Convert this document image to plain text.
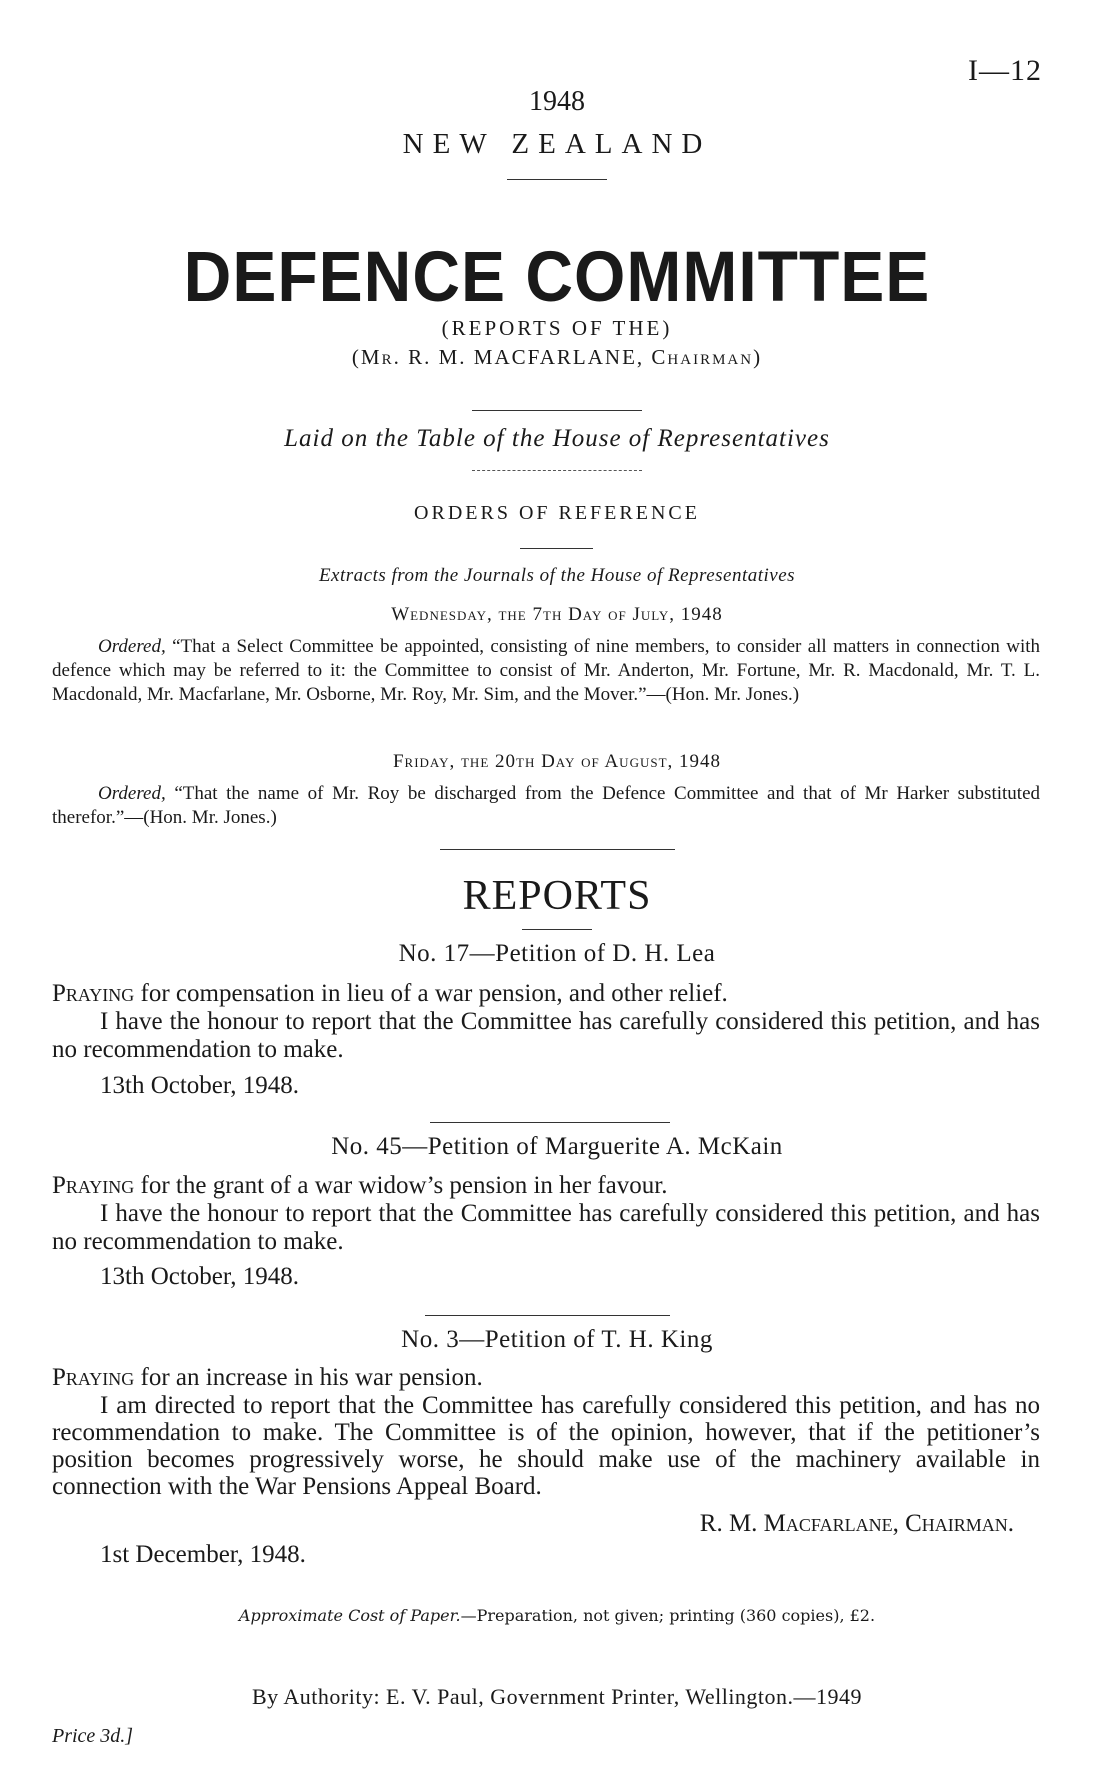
I—12
1948
NEW ZEALAND
DEFENCE COMMITTEE
(REPORTS OF THE)
(Mr. R. M. MACFARLANE, Chairman)
Laid on the Table of the House of Representatives
ORDERS OF REFERENCE
Extracts from the Journals of the House of Representatives
Wednesday, the 7th Day of July, 1948
Ordered, “That a Select Committee be appointed, consisting of nine members, to consider all matters in connection with defence which may be referred to it: the Committee to consist of Mr. Anderton, Mr. Fortune, Mr. R. Macdonald, Mr. T. L. Macdonald, Mr. Macfarlane, Mr. Osborne, Mr. Roy, Mr. Sim, and the Mover.”—(Hon. Mr. Jones.)
Friday, the 20th Day of August, 1948
Ordered, “That the name of Mr. Roy be discharged from the Defence Committee and that of Mr Harker substituted therefor.”—(Hon. Mr. Jones.)
REPORTS
No. 17—Petition of D. H. Lea
Praying for compensation in lieu of a war pension, and other relief.
I have the honour to report that the Committee has carefully considered this petition, and has no recommendation to make.
13th October, 1948.
No. 45—Petition of Marguerite A. McKain
Praying for the grant of a war widow’s pension in her favour.
I have the honour to report that the Committee has carefully considered this petition, and has no recommendation to make.
13th October, 1948.
No. 3—Petition of T. H. King
Praying for an increase in his war pension.
I am directed to report that the Committee has carefully considered this petition, and has no recommendation to make. The Committee is of the opinion, however, that if the petitioner’s position becomes progressively worse, he should make use of the machinery available in connection with the War Pensions Appeal Board.
R. M. Macfarlane, Chairman.
1st December, 1948.
Approximate Cost of Paper.—Preparation, not given; printing (360 copies), £2.
By Authority: E. V. Paul, Government Printer, Wellington.—1949
Price 3d.]
